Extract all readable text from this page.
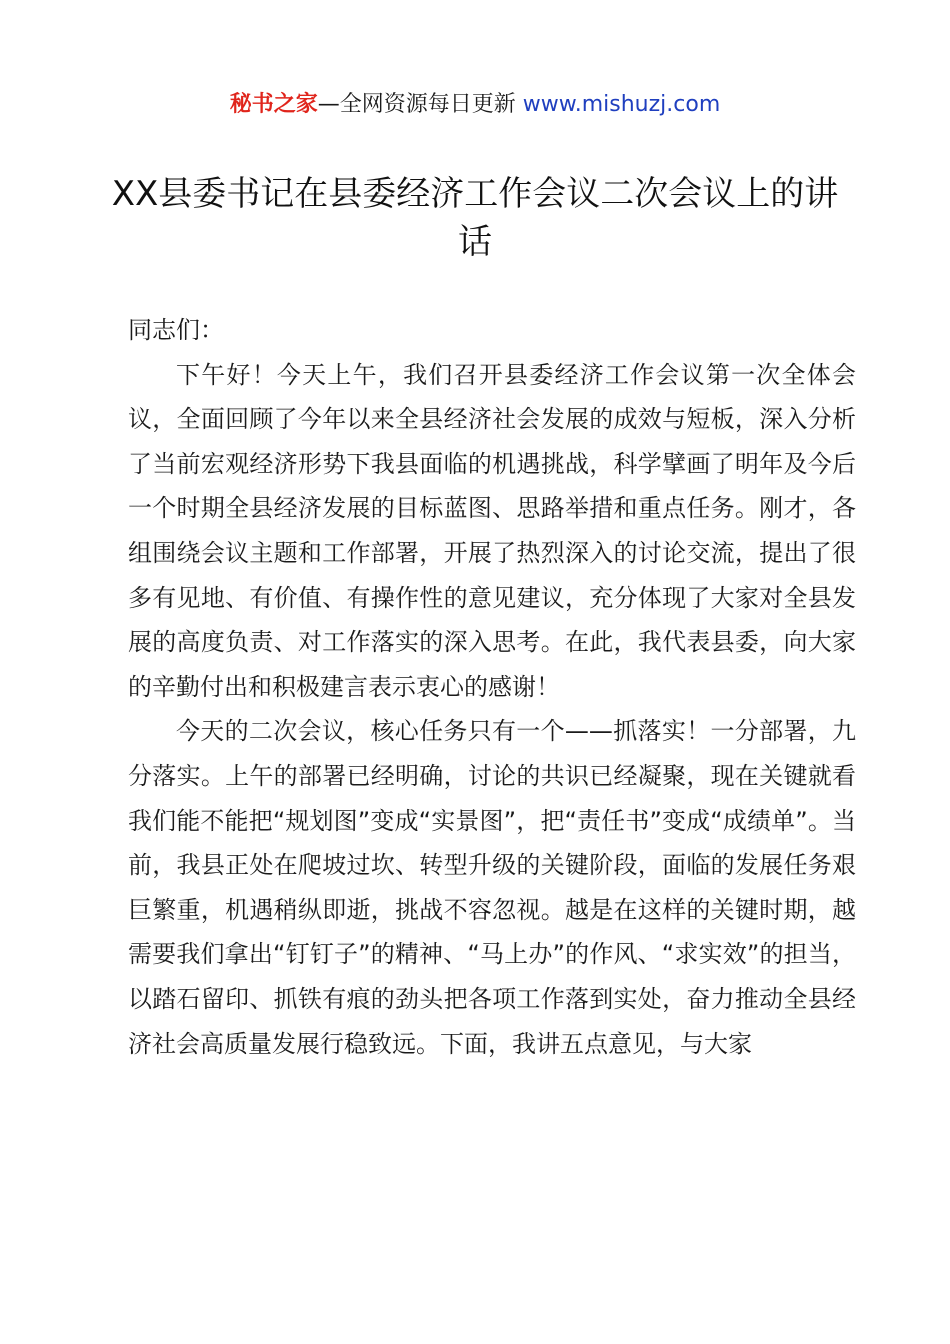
秘书之家—全网资源每日更新 www.mishuzj.com
XX县委书记在县委经济工作会议二次会议上的讲话

同志们：

下午好！今天上午，我们召开县委经济工作会议第一次全体会议，全面回顾了今年以来全县经济社会发展的成效与短板，深入分析了当前宏观经济形势下我县面临的机遇挑战，科学擘画了明年及今后一个时期全县经济发展的目标蓝图、思路举措和重点任务。刚才，各组围绕会议主题和工作部署，开展了热烈深入的讨论交流，提出了很多有见地、有价值、有操作性的意见建议，充分体现了大家对全县发展的高度负责、对工作落实的深入思考。在此，我代表县委，向大家的辛勤付出和积极建言表示衷心的感谢！

今天的二次会议，核心任务只有一个——抓落实！一分部署，九分落实。上午的部署已经明确，讨论的共识已经凝聚，现在关键就看我们能不能把“规划图”变成“实景图”，把“责任书”变成“成绩单”。当前，我县正处在爬坡过坎、转型升级的关键阶段，面临的发展任务艰巨繁重，机遇稍纵即逝，挑战不容忽视。越是在这样的关键时期，越需要我们拿出“钉钉子”的精神、“马上办”的作风、“求实效”的担当，以踏石留印、抓铁有痕的劲头把各项工作落到实处，奋力推动全县经济社会高质量发展行稳致远。下面，我讲五点意见，与大家
